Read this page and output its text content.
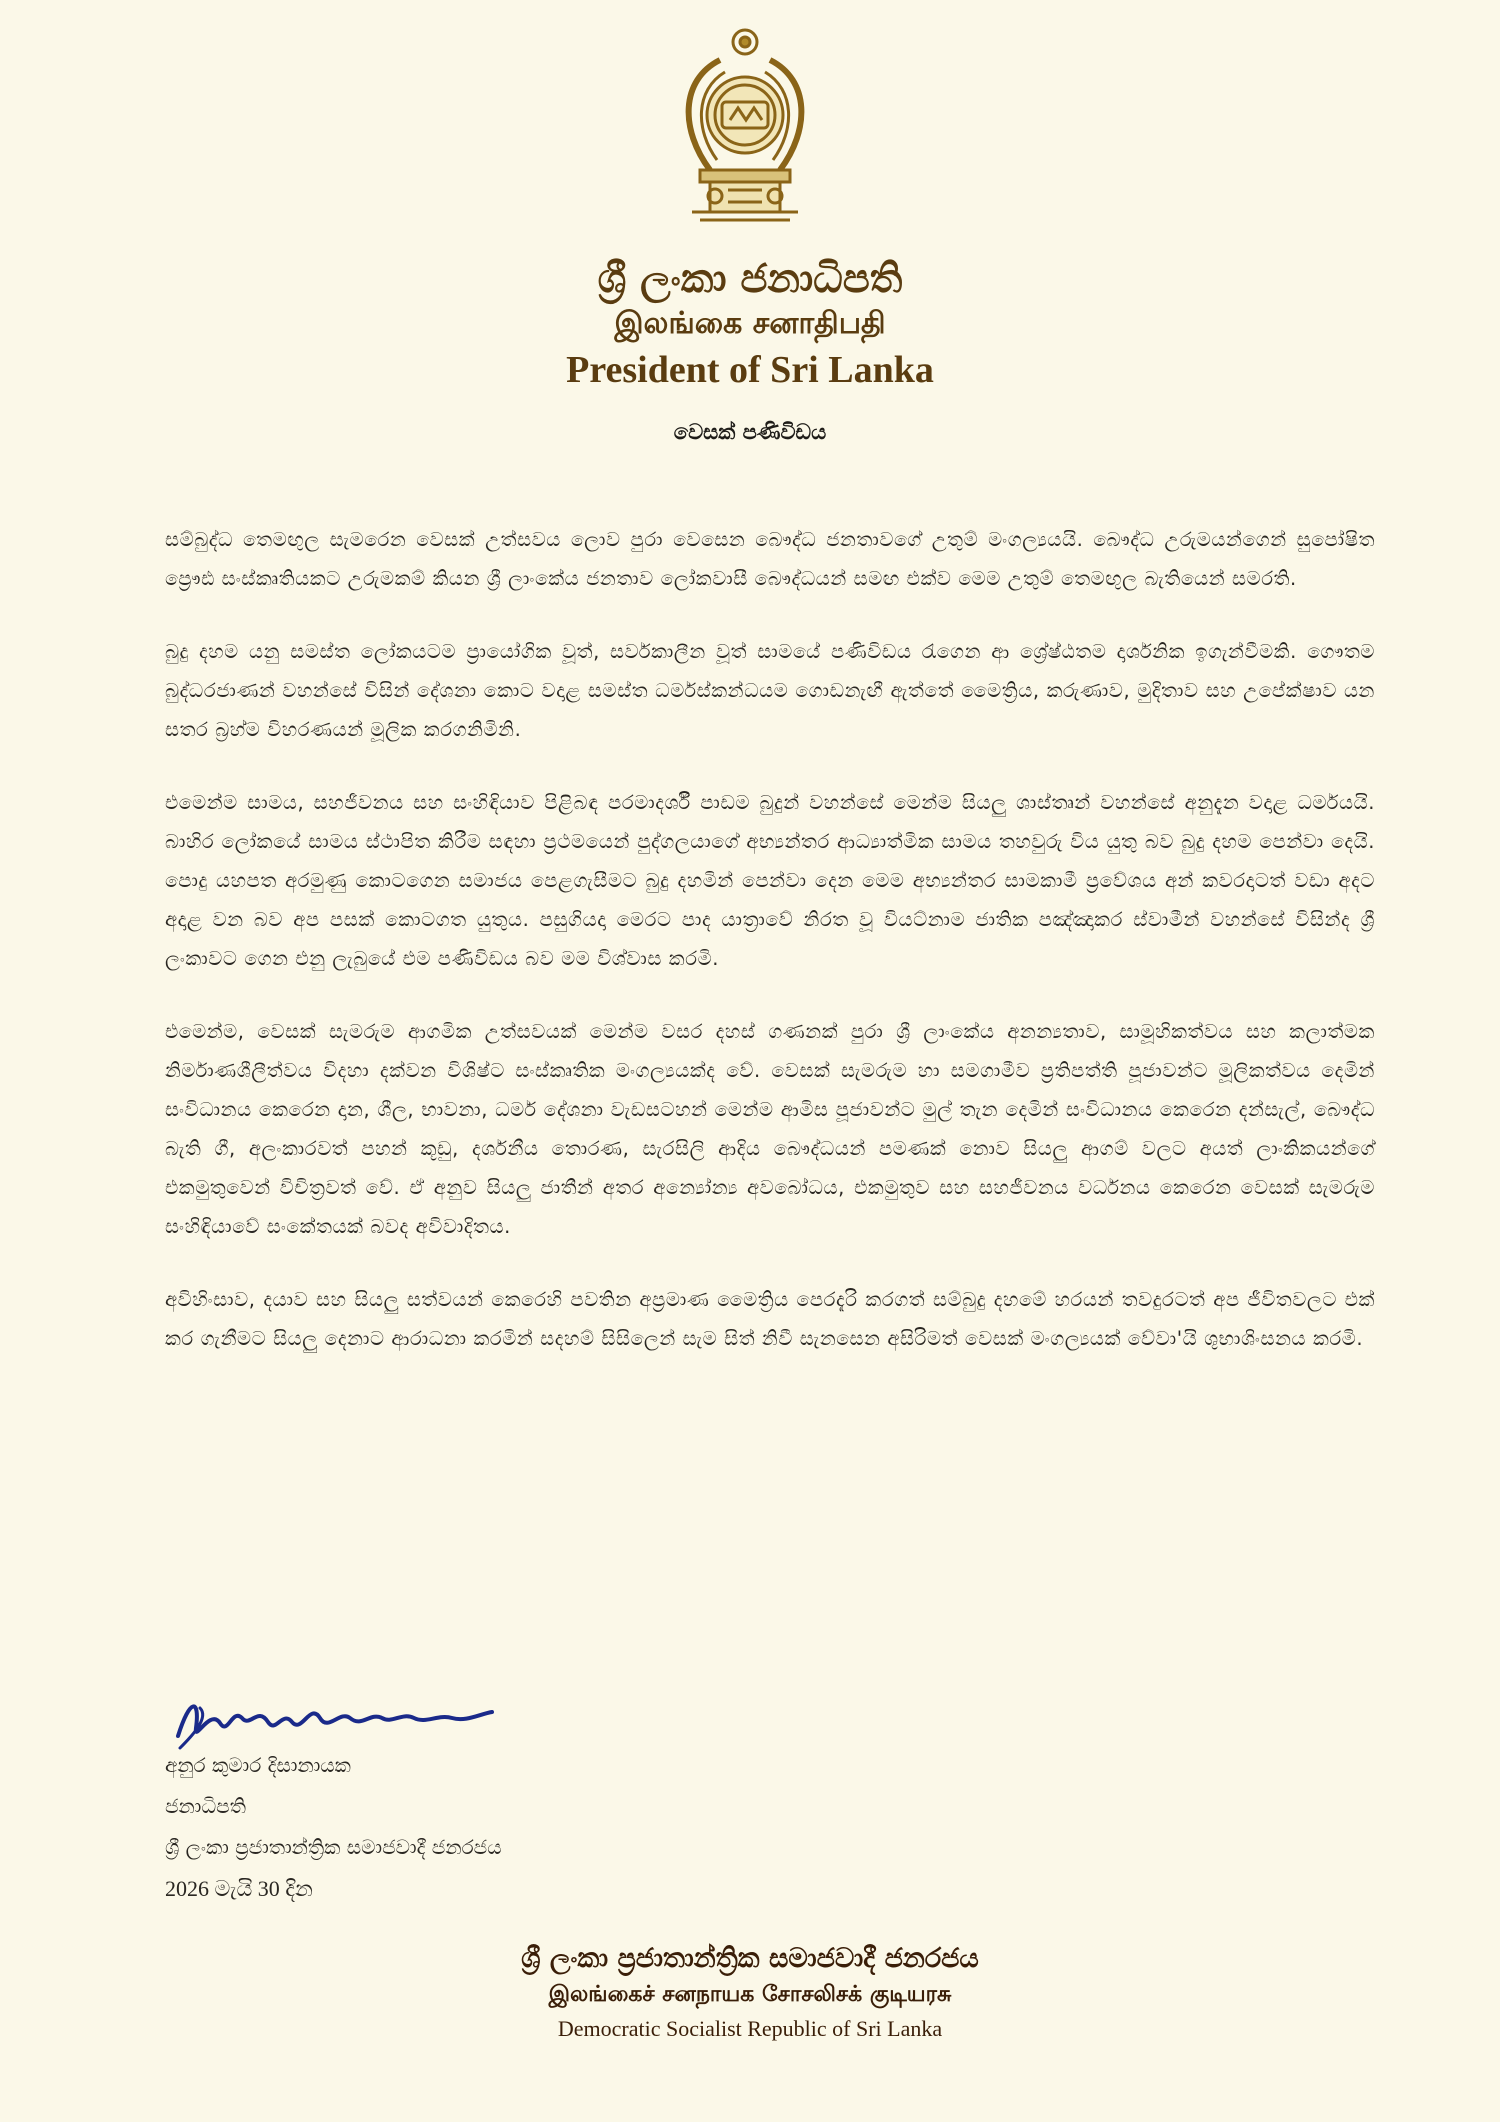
ශ්‍රී ලංකා ජනාධිපති
இலங்கை சனாதிபதி
President of Sri Lanka
වෙසක් පණිවිඩය

සම්බුද්ධ තෙමඟුල සැමරෙන වෙසක් උත්සවය ලොව පුරා වෙසෙන බෞද්ධ ජනතාවගේ උතුම් මංගල්‍යයයි. බෞද්ධ උරුමයන්ගෙන් සුපෝෂිත ප්‍රෞඪ සංස්කෘතියකට උරුමකම් කියන ශ්‍රී ලාංකේය ජනතාව ලෝකවාසී බෞද්ධයන් සමඟ එක්ව මෙම උතුම් තෙමඟුල බැතියෙන් සමරති.

බුදු දහම යනු සමස්ත ලෝකයටම ප්‍රායෝගික වූත්, සර්වකාලීන වූත් සාමයේ පණිවිඩය රැගෙන ආ ශ්‍රේෂ්ඨතම දාර්ශනික ඉගැන්වීමකි. ගෞතම බුද්ධරජාණන් වහන්සේ විසින් දේශනා කොට වදාළ සමස්ත ධර්මස්කන්ධයම ගොඩනැඟී ඇත්තේ මෛත්‍රිය, කරුණාව, මුදිතාව සහ උපේක්ෂාව යන සතර බ්‍රහ්ම විහරණයන් මූලික කරගනිමිනි.

එමෙන්ම සාමය, සහජීවනය සහ සංහිඳියාව පිළිබඳ පරමාදර්ශී පාඩම බුදුන් වහන්සේ මෙන්ම සියලු ශාස්තෘන් වහන්සේ අනුදැන වදාළ ධර්මයයි. බාහිර ලෝකයේ සාමය ස්ථාපිත කිරීම සඳහා ප්‍රථමයෙන් පුද්ගලයාගේ අභ්‍යන්තර ආධ්‍යාත්මික සාමය තහවුරු විය යුතු බව බුදු දහම පෙන්වා දෙයි. පොදු යහපත අරමුණු කොටගෙන සමාජය පෙළගැසීමට බුදු දහමින් පෙන්වා දෙන මෙම අභ්‍යන්තර සාමකාමී ප්‍රවේශය අන් කවරදාටත් වඩා අදට අදාළ වන බව අප පසක් කොටගත යුතුය. පසුගියදා මෙරට පාද යාත්‍රාවේ නිරත වූ වියට්නාම ජාතික පඤ්ඤාකර ස්වාමීන් වහන්සේ විසින්ද ශ්‍රී ලංකාවට ගෙන එනු ලැබුයේ එම පණිවිඩය බව මම විශ්වාස කරමි.

එමෙන්ම, වෙසක් සැමරුම ආගමික උත්සවයක් මෙන්ම වසර දහස් ගණනක් පුරා ශ්‍රී ලාංකේය අනන්‍යතාව, සාමූහිකත්වය සහ කලාත්මක නිර්මාණශීලීත්වය විදහා දක්වන විශිෂ්ට සංස්කෘතික මංගල්‍යයක්ද වේ. වෙසක් සැමරුම හා සමගාමීව ප්‍රතිපත්ති පූජාවන්ට මූලිකත්වය දෙමින් සංවිධානය කෙරෙන දාන, ශීල, භාවනා, ධර්ම දේශනා වැඩසටහන් මෙන්ම ආමිස පූජාවන්ට මුල් තැන දෙමින් සංවිධානය කෙරෙන දන්සැල්, බෞද්ධ බැති ගී, අලංකාරවත් පහන් කූඩු, දර්ශනීය තොරණ, සැරසිලි ආදිය බෞද්ධයන් පමණක් නොව සියලු ආගම් වලට අයත් ලාංකිකයන්ගේ එකමුතුවෙන් විචිත්‍රවත් වේ. ඒ අනුව සියලු ජාතීන් අතර අන්‍යෝන්‍ය අවබෝධය, එකමුතුව සහ සහජීවනය වර්ධනය කෙරෙන වෙසක් සැමරුම සංහිඳියාවේ සංකේතයක් බවද අවිවාදිතය.

අවිහිංසාව, දයාව සහ සියලු සත්වයන් කෙරෙහි පවතින අප්‍රමාණ මෛත්‍රිය පෙරදැරි කරගත් සම්බුදු දහමේ හරයන් තවදුරටත් අප ජීවිතවලට එක් කර ගැනීමට සියලු දෙනාට ආරාධනා කරමින් සදහම් සිසිලෙන් සැම සිත් නිවී සැනසෙන අසිරිමත් වෙසක් මංගල්‍යයක් වේවා'යි ශුභාශිංසනය කරමි.

අනුර කුමාර දිසානායක
ජනාධිපති
ශ්‍රී ලංකා ප්‍රජාතාන්ත්‍රික සමාජවාදී ජනරජය
2026 මැයි 30 දින
ශ්‍රී ලංකා ප්‍රජාතාන්ත්‍රික සමාජවාදී ජනරජය
இலங்கைச் சனநாயக சோசலிசக் குடியரசு
Democratic Socialist Republic of Sri Lanka
